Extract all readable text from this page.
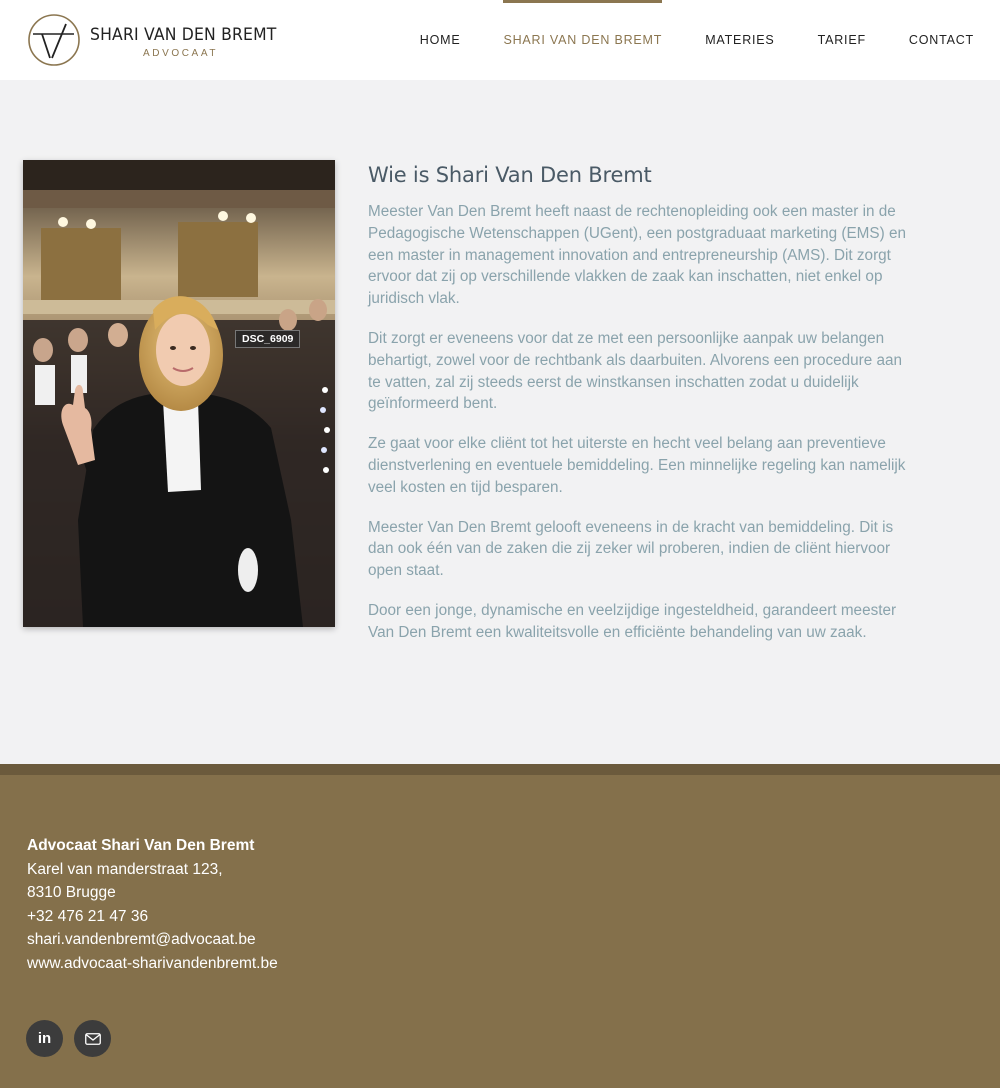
SHARI VAN DEN BREMT
ADVOCAAT
HOME	SHARI VAN DEN BREMT	MATERIES	TARIEF	CONTACT
DSC_6909
Wie is Shari Van Den Bremt

Meester Van Den Bremt heeft naast de rechtenopleiding ook een master in de Pedagogische Wetenschappen (UGent), een postgraduaat marketing (EMS) en een master in management innovation and entrepreneurship (AMS). Dit zorgt ervoor dat zij op verschillende vlakken de zaak kan inschatten, niet enkel op juridisch vlak.

Dit zorgt er eveneens voor dat ze met een persoonlijke aanpak uw belangen behartigt, zowel voor de rechtbank als daarbuiten. Alvorens een procedure aan te vatten, zal zij steeds eerst de winstkansen inschatten zodat u duidelijk geïnformeerd bent.

Ze gaat voor elke cliënt tot het uiterste en hecht veel belang aan preventieve dienstverlening en eventuele bemiddeling. Een minnelijke regeling kan namelijk veel kosten en tijd besparen.

Meester Van Den Bremt gelooft eveneens in de kracht van bemiddeling. Dit is dan ook één van de zaken die zij zeker wil proberen, indien de cliënt hiervoor open staat.

Door een jonge, dynamische en veelzijdige ingesteldheid, garandeert meester Van Den Bremt een kwaliteitsvolle en efficiënte behandeling van uw zaak.

Advocaat Shari Van Den Bremt
Karel van manderstraat 123,
8310 Brugge
+32 476 21 47 36
shari.vandenbremt@advocaat.be
www.advocaat-sharivandenbremt.be
in
